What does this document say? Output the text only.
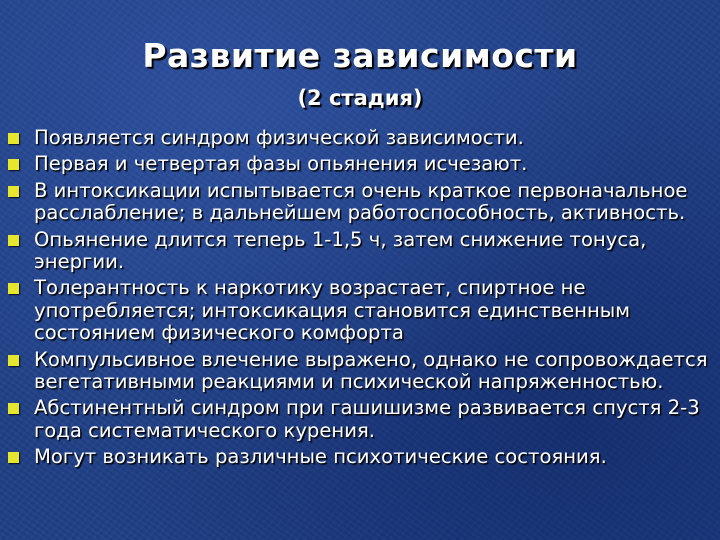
Развитие зависимости
(2 стадия)
Появляется синдром физической зависимости.
Первая и четвертая фазы опьянения исчезают.
В интоксикации испытывается очень краткое первоначальное расслабление; в дальнейшем работоспособность, активность.
Опьянение длится теперь 1-1,5 ч, затем снижение тонуса, энергии.
Толерантность к наркотику возрастает, спиртное не употребляется; интоксикация становится единственным состоянием физического комфорта
Компульсивное влечение выражено, однако не сопровождается вегетативными реакциями и психической напряженностью.
Абстинентный синдром при гашишизме развивается спустя 2-3 года систематического курения.
Могут возникать различные психотические состояния.
